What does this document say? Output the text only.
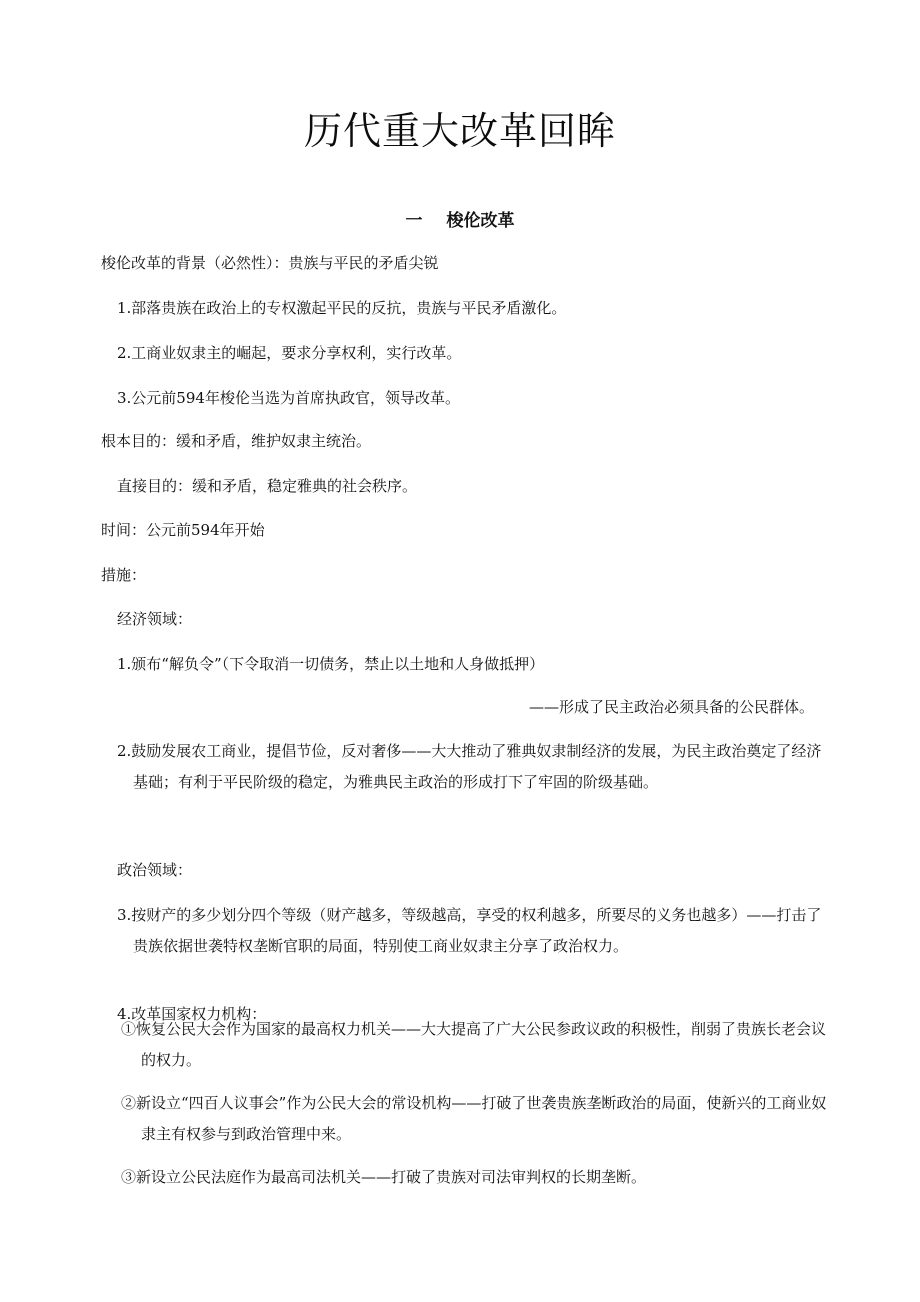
历代重大改革回眸
一 梭伦改革

梭伦改革的背景（必然性）：贵族与平民的矛盾尖锐

1.部落贵族在政治上的专权激起平民的反抗，贵族与平民矛盾激化。

2.工商业奴隶主的崛起，要求分享权利，实行改革。

3.公元前594年梭伦当选为首席执政官，领导改革。

根本目的：缓和矛盾，维护奴隶主统治。

直接目的：缓和矛盾，稳定雅典的社会秩序。

时间：公元前594年开始

措施：

经济领域：

1.颁布“解负令”（下令取消一切债务，禁止以土地和人身做抵押）

——形成了民主政治必须具备的公民群体。

2.鼓励发展农工商业，提倡节俭，反对奢侈——大大推动了雅典奴隶制经济的发展，为民主政治奠定了经济基础；有利于平民阶级的稳定，为雅典民主政治的形成打下了牢固的阶级基础。

政治领域：

3.按财产的多少划分四个等级（财产越多，等级越高，享受的权利越多，所要尽的义务也越多）——打击了贵族依据世袭特权垄断官职的局面，特别使工商业奴隶主分享了政治权力。

4.改革国家权力机构：

①恢复公民大会作为国家的最高权力机关——大大提高了广大公民参政议政的积极性，削弱了贵族长老会议的权力。

②新设立“四百人议事会”作为公民大会的常设机构——打破了世袭贵族垄断政治的局面，使新兴的工商业奴隶主有权参与到政治管理中来。

③新设立公民法庭作为最高司法机关——打破了贵族对司法审判权的长期垄断。
